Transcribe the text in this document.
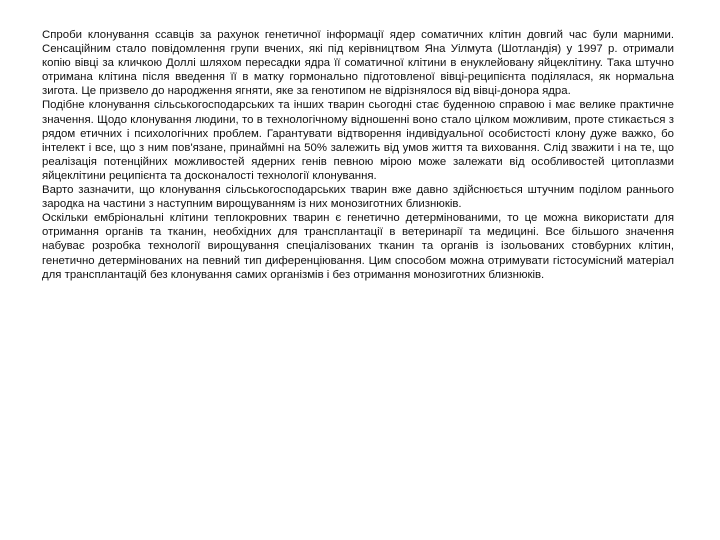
Спроби клонування ссавців за рахунок генетичної інформації ядер соматичних клітин довгий час були марними. Сенсаційним стало повідомлення групи вчених, які під керівництвом Яна Уілмута (Шотландія) у 1997 р. отримали копію вівці за кличкою Доллі шляхом пересадки ядра її соматичної клітини в енуклейовану яйцеклітину. Така штучно отримана клітина після введення її в матку гормонально підготовленої вівці-реципієнта поділялася, як нормальна зигота. Це призвело до народження ягняти, яке за генотипом не відрізнялося від вівці-донора ядра.

Подібне клонування сільськогосподарських та інших тварин сьогодні стає буденною справою і має велике практичне значення. Щодо клонування людини, то в технологічному відношенні воно стало цілком можливим, проте стикається з рядом етичних і психологічних проблем. Гарантувати відтворення індивідуальної особистості клону дуже важко, бо інтелект і все, що з ним пов'язане, принаймні на 50% залежить від умов життя та виховання. Слід зважити і на те, що реалізація потенційних можливостей ядерних генів певною мірою може залежати від особливостей цитоплазми яйцеклітини реципієнта та досконалості технології клонування.

Варто зазначити, що клонування сільськогосподарських тварин вже давно здійснюється штучним поділом раннього зародка на частини з наступним вирощуванням із них монозиготних близнюків.

Оскільки ембріональні клітини теплокровних тварин є генетично детермінованими, то це можна використати для отримання органів та тканин, необхідних для трансплантації в ветеринарії та медицині. Все більшого значення набуває розробка технології вирощування спеціалізованих тканин та органів із ізольованих стовбурних клітин, генетично детермінованих на певний тип диференціювання. Цим способом можна отримувати гістосумісний матеріал для трансплантацій без клонування самих організмів і без отримання монозиготних близнюків.
